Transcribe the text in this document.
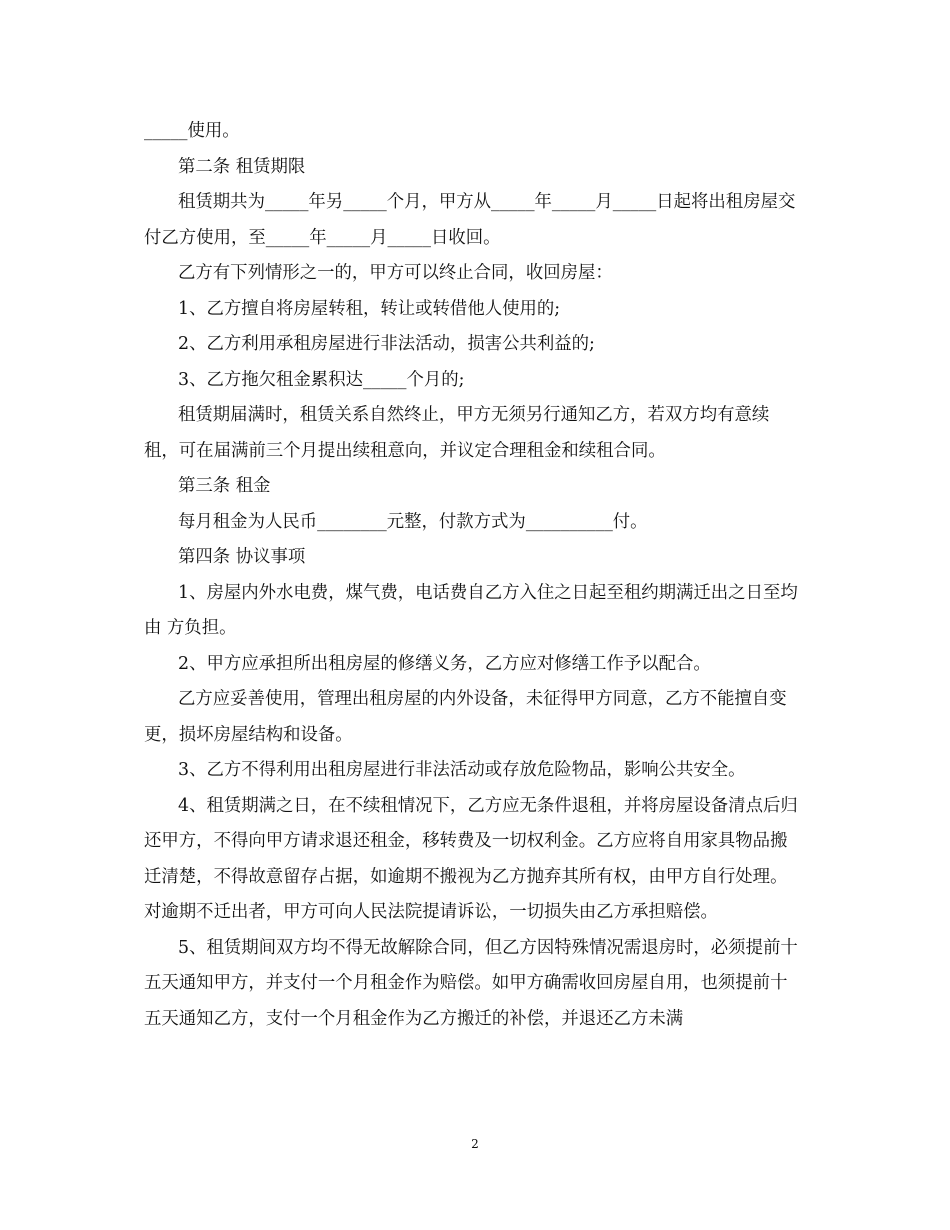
_____使用。

第二条 租赁期限

租赁期共为_____年另_____个月，甲方从_____年_____月_____日起将出租房屋交付乙方使用，至_____年_____月_____日收回。

乙方有下列情形之一的，甲方可以终止合同，收回房屋：

1、乙方擅自将房屋转租，转让或转借他人使用的;

2、乙方利用承租房屋进行非法活动，损害公共利益的;

3、乙方拖欠租金累积达_____个月的;

租赁期届满时，租赁关系自然终止，甲方无须另行通知乙方，若双方均有意续租，可在届满前三个月提出续租意向，并议定合理租金和续租合同。

第三条 租金

每月租金为人民币________元整，付款方式为__________付。

第四条 协议事项

1、房屋内外水电费，煤气费，电话费自乙方入住之日起至租约期满迁出之日至均由 方负担。

2、甲方应承担所出租房屋的修缮义务，乙方应对修缮工作予以配合。

乙方应妥善使用，管理出租房屋的内外设备，未征得甲方同意，乙方不能擅自变更，损坏房屋结构和设备。

3、乙方不得利用出租房屋进行非法活动或存放危险物品，影响公共安全。

4、租赁期满之日，在不续租情况下，乙方应无条件退租，并将房屋设备清点后归还甲方，不得向甲方请求退还租金，移转费及一切权利金。乙方应将自用家具物品搬迁清楚，不得故意留存占据，如逾期不搬视为乙方抛弃其所有权，由甲方自行处理。对逾期不迁出者，甲方可向人民法院提请诉讼，一切损失由乙方承担赔偿。

5、租赁期间双方均不得无故解除合同，但乙方因特殊情况需退房时，必须提前十五天通知甲方，并支付一个月租金作为赔偿。如甲方确需收回房屋自用，也须提前十五天通知乙方，支付一个月租金作为乙方搬迁的补偿，并退还乙方未满

2
